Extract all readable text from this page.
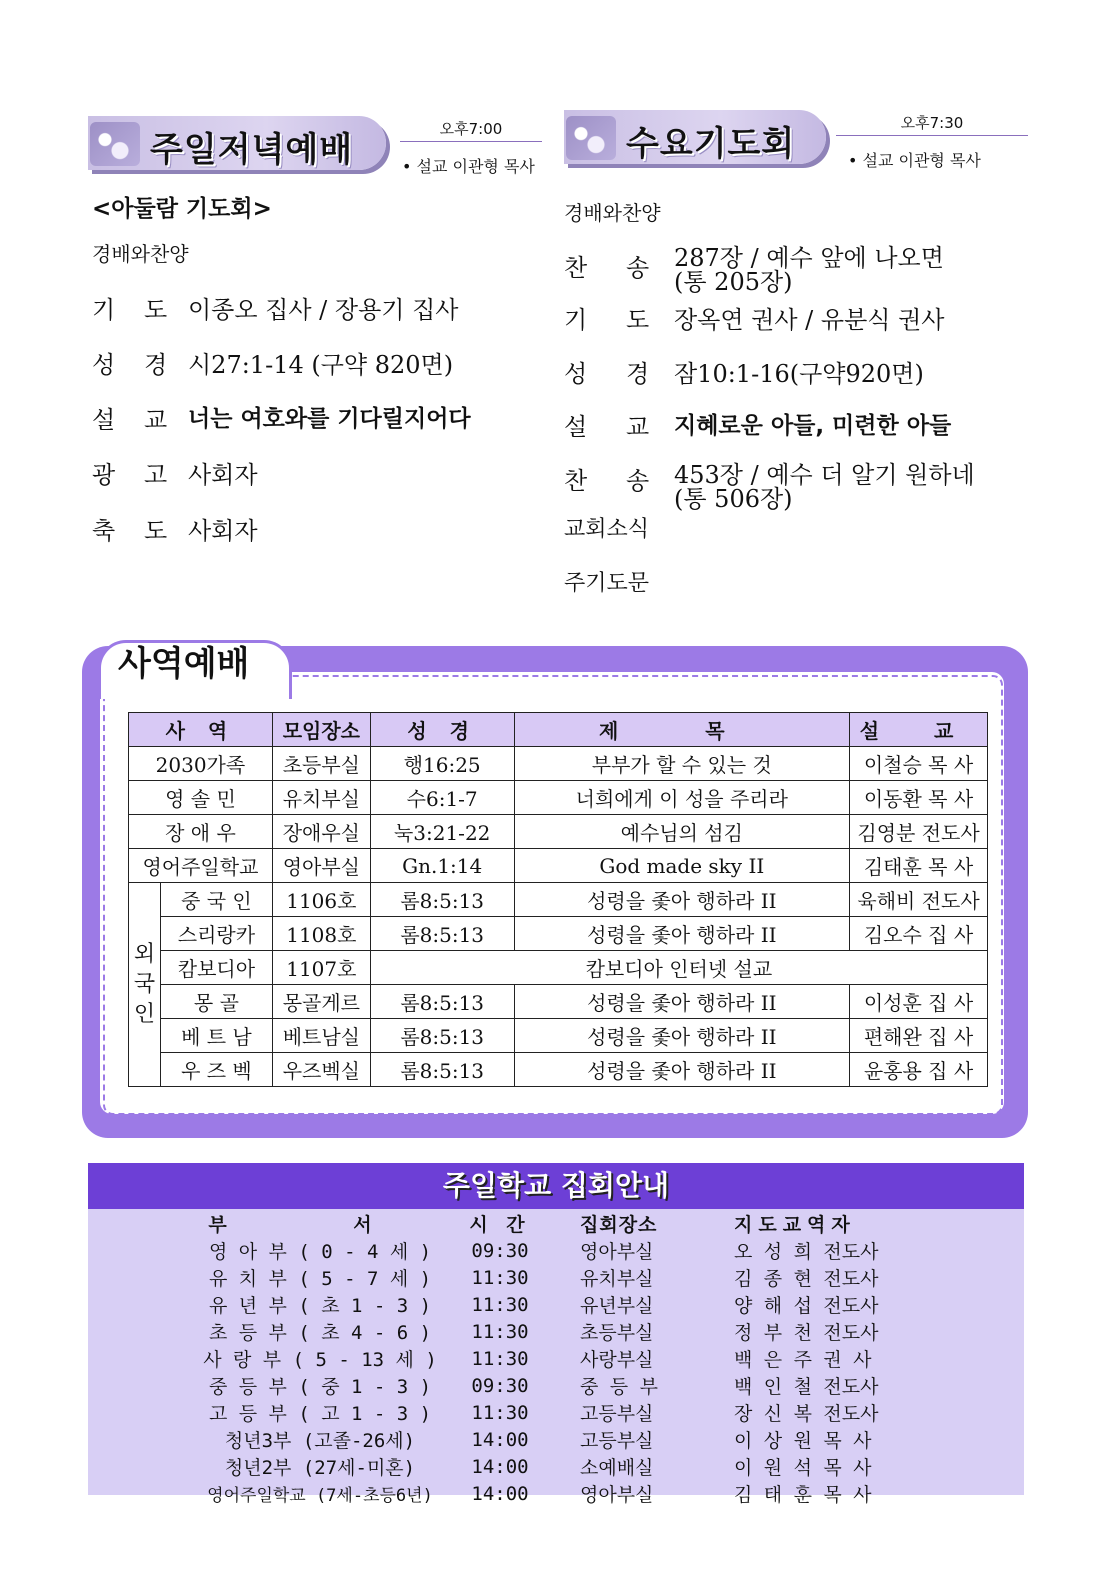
주일저녁예배
오후7:00
• 설교 이관형 목사
<아둘람 기도회>
경배와찬양
기 도 이종오 집사 / 장용기 집사
성 경 시27:1-14 (구약 820면)
설 교 너는 여호와를 기다릴지어다
광 고 사회자
축 도 사회자
수요기도회
오후7:30
• 설교 이관형 목사
경배와찬양
찬 송 287장 / 예수 앞에 나오면
(통 205장)
기 도 장옥연 권사 / 유분식 권사
성 경 잠10:1-16(구약920면)
설 교 지혜로운 아들, 미련한 아들
찬 송 453장 / 예수 더 알기 원하네
(통 506장)
교회소식
주기도문
사역예배
사 역		모임장소	성 경	제 목	설 교
2030가족		초등부실	행16:25	부부가 할 수 있는 것	이철승 목 사
영 솔 민		유치부실	수6:1-7	너희에게 이 성을 주리라	이동환 목 사
장 애 우		장애우실	눅3:21-22	예수님의 섬김	김영분 전도사
영어주일학교		영아부실	Gn.1:14	God made sky II	김태훈 목 사

외
국
인	중 국 인	1106호	롬8:5:13	성령을 좇아 행하라 II	육해비 전도사
	스리랑카	1108호	롬8:5:13	성령을 좇아 행하라 II	김오수 집 사
	캄보디아	1107호	캄보디아 인터넷 설교		
	몽 골	몽골게르	롬8:5:13	성령을 좇아 행하라 II	이성훈 집 사
	베 트 남	베트남실	롬8:5:13	성령을 좇아 행하라 II	편해완 집 사
	우 즈 벡	우즈벡실	롬8:5:13	성령을 좇아 행하라 II	윤홍용 집 사
주일학교 집회안내
부 서	시 간	집회장소	지도교역자
영 아 부 ( 0 - 4 세 )	09:30	영아부실	오 성 희 전도사
유 치 부 ( 5 - 7 세 )	11:30	유치부실	김 종 현 전도사
유 년 부 ( 초 1 - 3 )	11:30	유년부실	양 해 섭 전도사
초 등 부 ( 초 4 - 6 )	11:30	초등부실	정 부 천 전도사
사 랑 부 ( 5 - 13 세 )	11:30	사랑부실	백 은 주 권 사
중 등 부 ( 중 1 - 3 )	09:30	중 등 부	백 인 철 전도사
고 등 부 ( 고 1 - 3 )	11:30	고등부실	장 신 복 전도사
청년3부 (고졸-26세)	14:00	고등부실	이 상 원 목 사
청년2부 (27세-미혼)	14:00	소예배실	이 원 석 목 사
영어주일학교 (7세-초등6년)	14:00	영아부실	김 태 훈 목 사
